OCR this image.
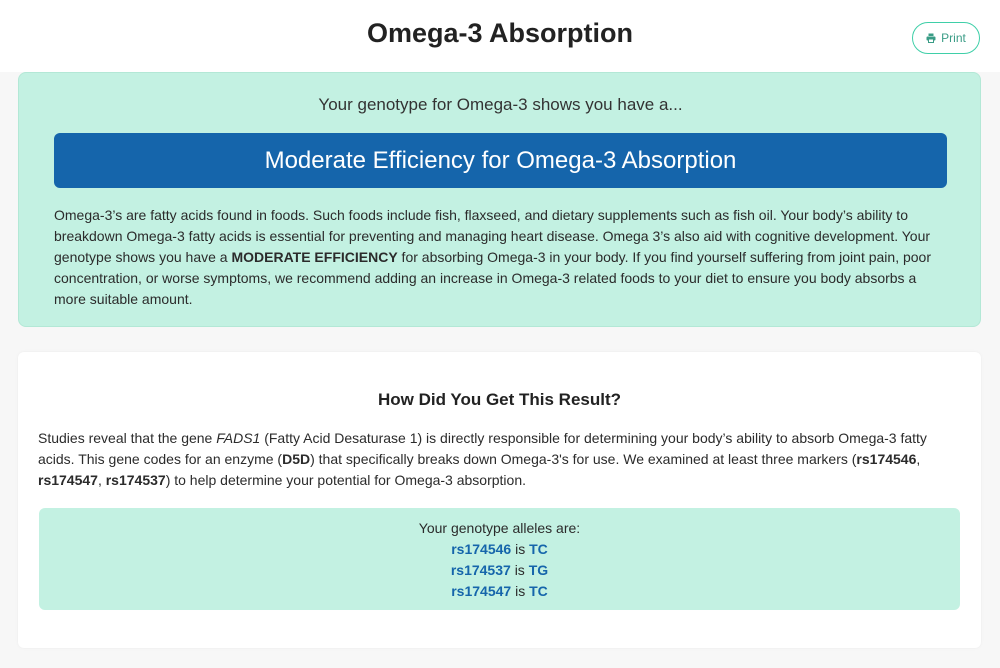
Omega-3 Absorption	Print
Your genotype for Omega-3 shows you have a...
Moderate Efficiency for Omega-3 Absorption

Omega-3’s are fatty acids found in foods. Such foods include fish, flaxseed, and dietary supplements such as fish oil. Your body’s ability to breakdown Omega-3 fatty acids is essential for preventing and managing heart disease. Omega 3’s also aid with cognitive development. Your genotype shows you have a MODERATE EFFICIENCY for absorbing Omega-3 in your body. If you find yourself suffering from joint pain, poor concentration, or worse symptoms, we recommend adding an increase in Omega-3 related foods to your diet to ensure you body absorbs a more suitable amount.

How Did You Get This Result?

Studies reveal that the gene FADS1 (Fatty Acid Desaturase 1) is directly responsible for determining your body’s ability to absorb Omega-3 fatty acids. This gene codes for an enzyme (D5D) that specifically breaks down Omega-3's for use. We examined at least three markers (rs174546, rs174547, rs174537) to help determine your potential for Omega-3 absorption.

Your genotype alleles are:
rs174546 is TC
rs174537 is TG
rs174547 is TC
